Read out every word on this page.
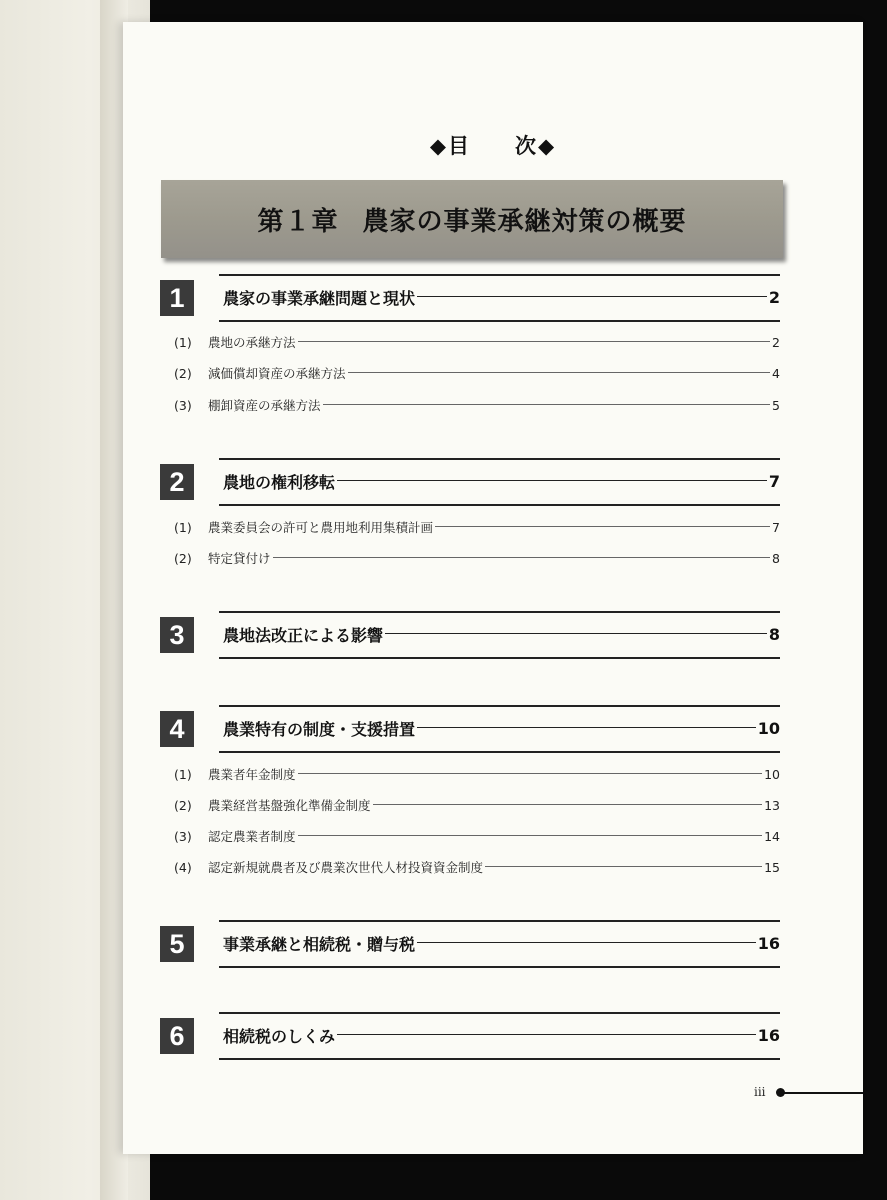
◆目 次◆
第１章 農家の事業承継対策の概要
1	農家の事業承継問題と現状	2
(1)	農地の承継方法	2
(2)	減価償却資産の承継方法	4
(3)	棚卸資産の承継方法	5
2	農地の権利移転	7
(1)	農業委員会の許可と農用地利用集積計画	7
(2)	特定貸付け	8
3	農地法改正による影響	8
4	農業特有の制度・支援措置	10
(1)	農業者年金制度	10
(2)	農業経営基盤強化準備金制度	13
(3)	認定農業者制度	14
(4)	認定新規就農者及び農業次世代人材投資資金制度	15
5	事業承継と相続税・贈与税	16
6	相続税のしくみ	16
iii
